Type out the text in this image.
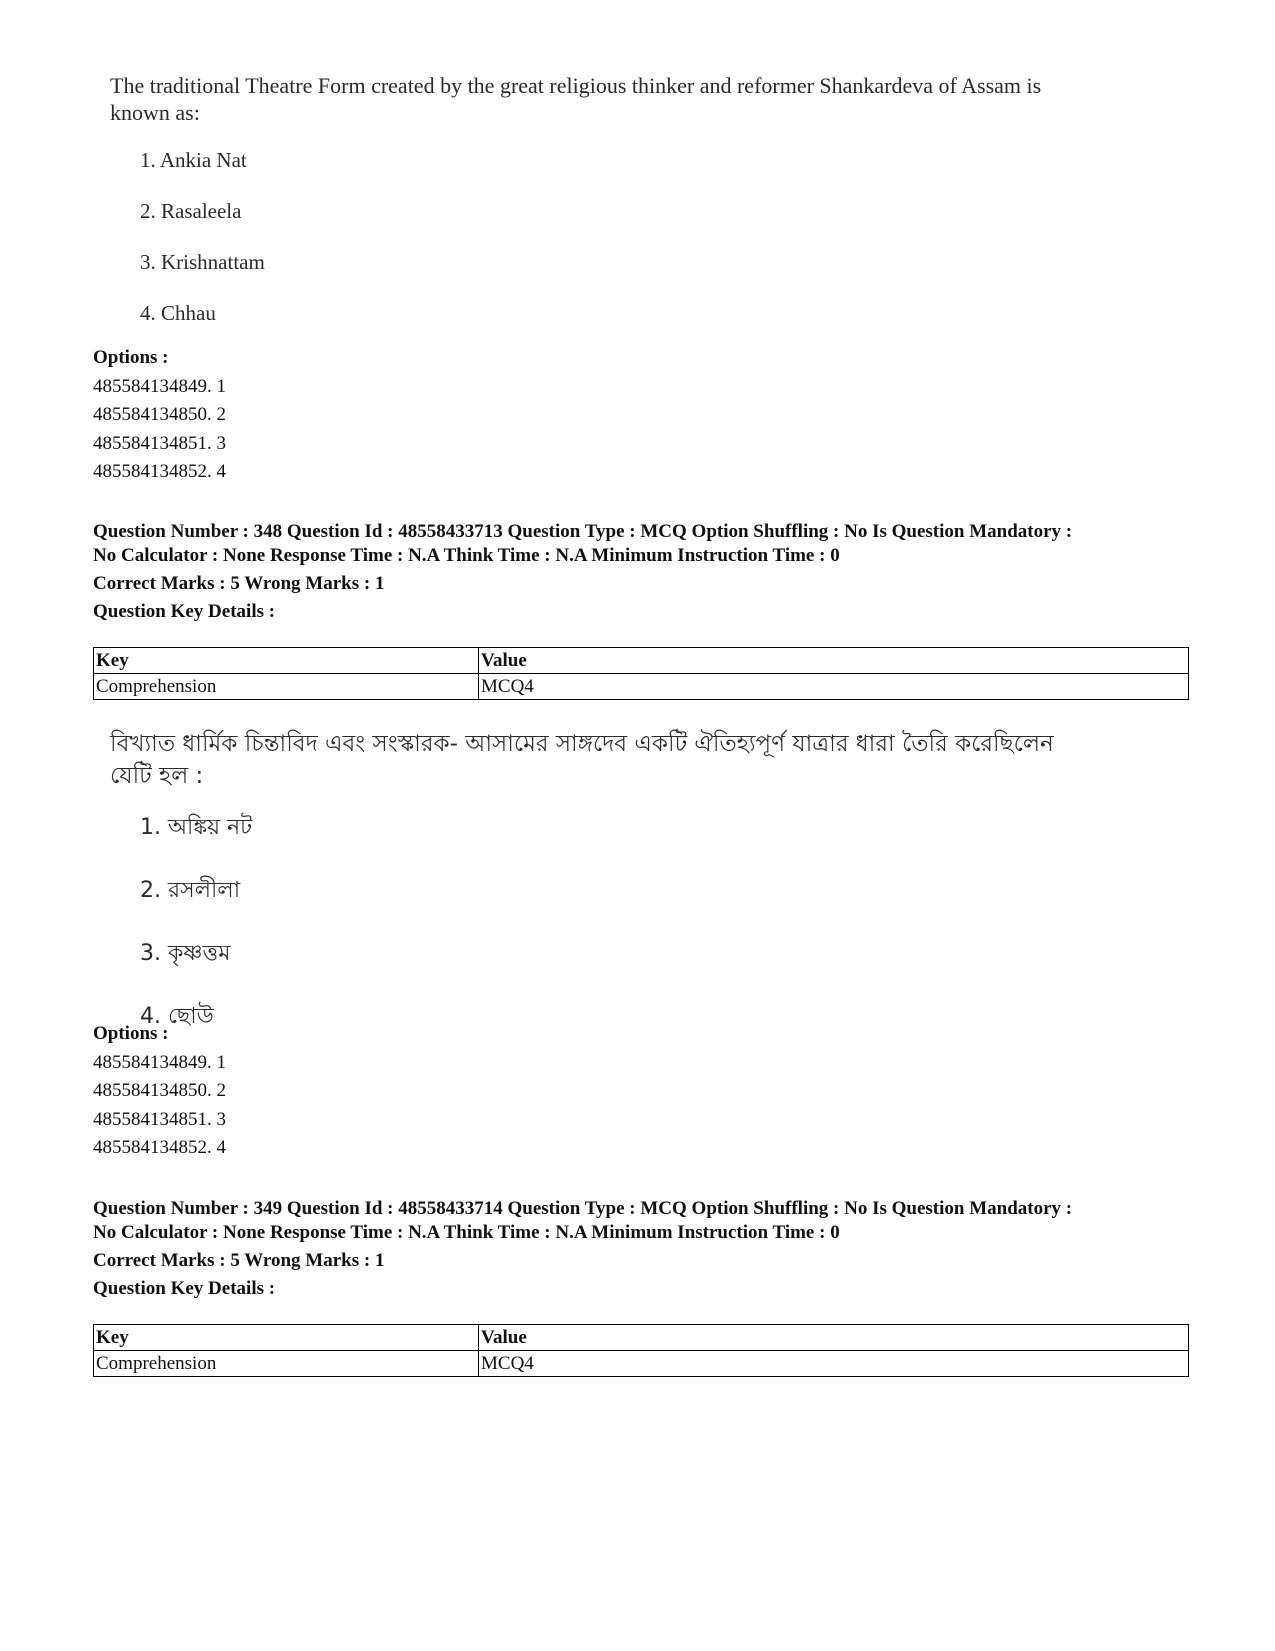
The traditional Theatre Form created by the great religious thinker and reformer Shankardeva of Assam is

known as:

1. Ankia Nat
2. Rasaleela
3. Krishnattam
4. Chhau
Options :
485584134849. 1
485584134850. 2
485584134851. 3
485584134852. 4

Question Number : 348 Question Id : 48558433713 Question Type : MCQ Option Shuffling : No Is Question Mandatory :

No Calculator : None Response Time : N.A Think Time : N.A Minimum Instruction Time : 0

Correct Marks : 5 Wrong Marks : 1

Question Key Details :

Key	Value
Comprehension	MCQ4

বিখ্যাত ধার্মিক চিন্তাবিদ এবং সংস্কারক- আসামের সাঙ্গদেব একটি ঐতিহ্যপূর্ণ যাত্রার ধারা তৈরি করেছিলেন

যেটি হল :

1. অঙ্কিয় নট
2. রসলীলা
3. কৃষ্ণত্তম
4. ছোউ
Options :
485584134849. 1
485584134850. 2
485584134851. 3
485584134852. 4

Question Number : 349 Question Id : 48558433714 Question Type : MCQ Option Shuffling : No Is Question Mandatory :

No Calculator : None Response Time : N.A Think Time : N.A Minimum Instruction Time : 0

Correct Marks : 5 Wrong Marks : 1

Question Key Details :

Key	Value
Comprehension	MCQ4
